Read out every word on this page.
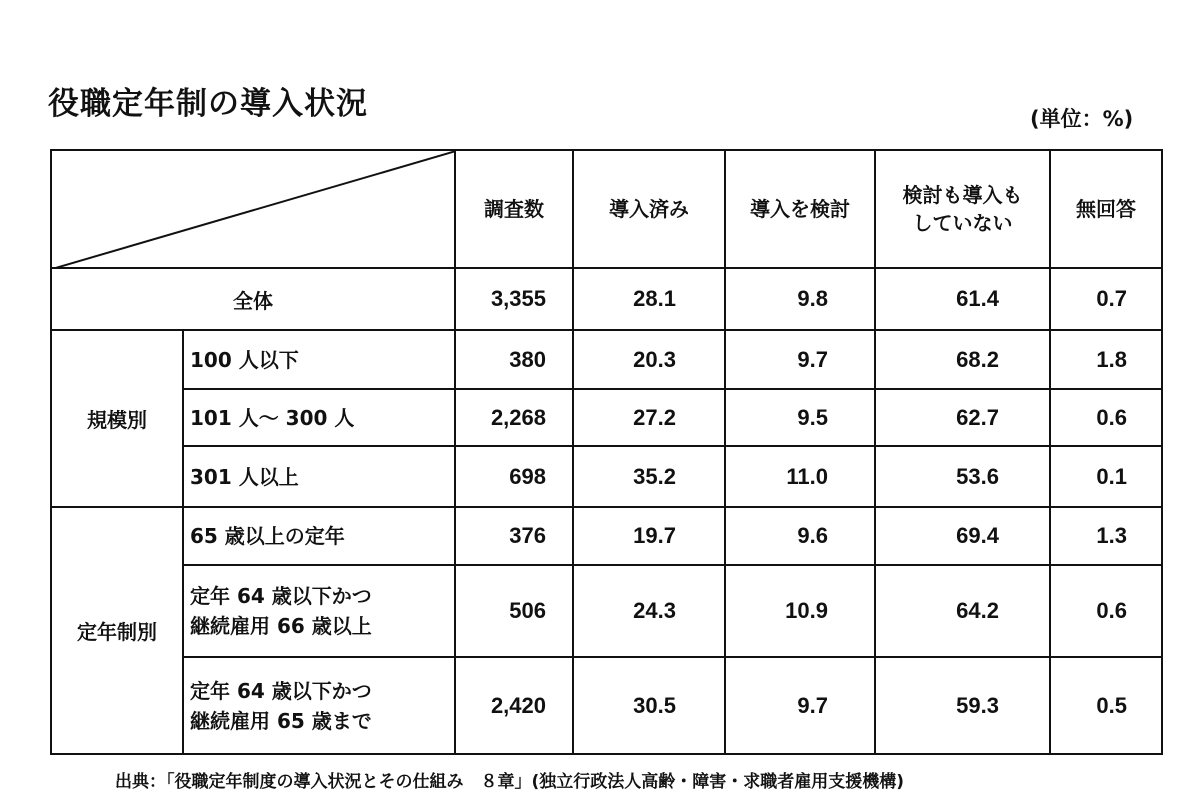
役職定年制の導入状況	(単位：%)
	調査数	導入済み	導入を検討	検討も導入も
していない	無回答
全体		3,355	28.1	9.8	61.4	0.7
規模別	100 人以下	380	20.3	9.7	68.2	1.8
	101 人～ 300 人	2,268	27.2	9.5	62.7	0.6
	301 人以上	698	35.2	11.0	53.6	0.1
定年制別	65 歳以上の定年	376	19.7	9.6	69.4	1.3

	定年 64 歳以下かつ
継続雇用 66 歳以上	506	24.3	10.9	64.2	0.6

	定年 64 歳以下かつ
継続雇用 65 歳まで	2,420	30.5	9.7	59.3	0.5
出典：「役職定年制度の導入状況とその仕組み　８章」(独立行政法人高齢・障害・求職者雇用支援機構)
